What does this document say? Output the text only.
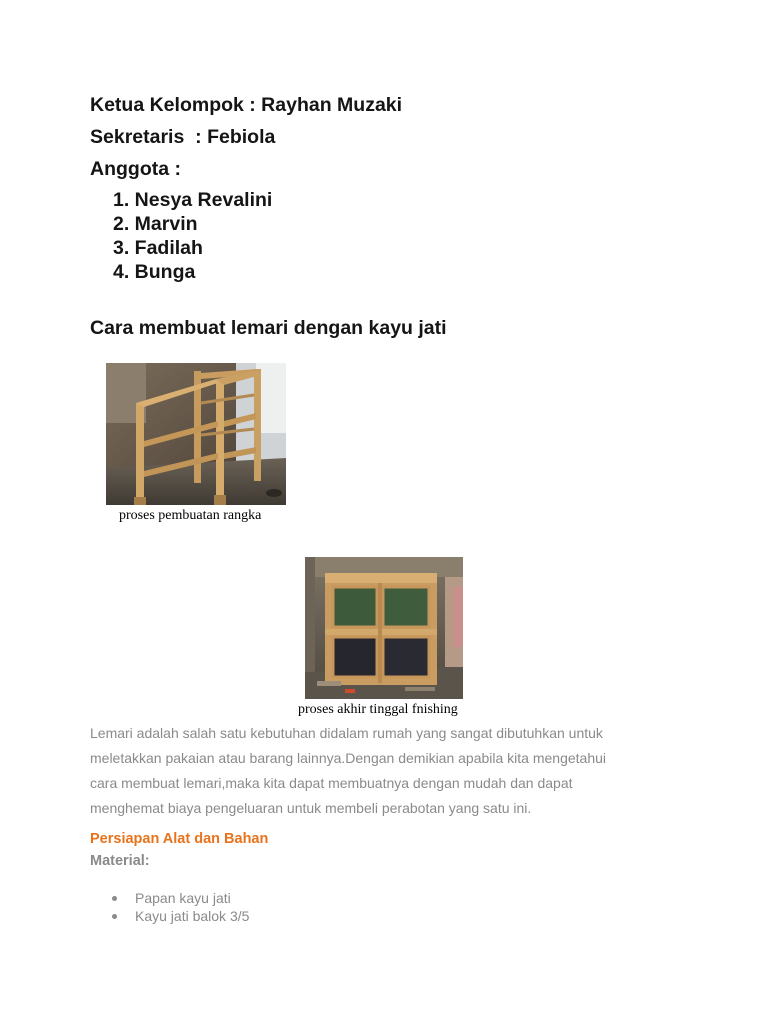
Ketua Kelompok : Rayhan Muzaki
Sekretaris  : Febiola
Anggota :
1. Nesya Revalini
2. Marvin
3. Fadilah
4. Bunga
Cara membuat lemari dengan kayu jati
proses pembuatan rangka
proses akhir tinggal fnishing
Lemari adalah salah satu kebutuhan didalam rumah yang sangat dibutuhkan untuk
meletakkan pakaian atau barang lainnya.Dengan demikian apabila kita mengetahui
cara membuat lemari,maka kita dapat membuatnya dengan mudah dan dapat
menghemat biaya pengeluaran untuk membeli perabotan yang satu ini.
Persiapan Alat dan Bahan
Material:
Papan kayu jati
Kayu jati balok 3/5
